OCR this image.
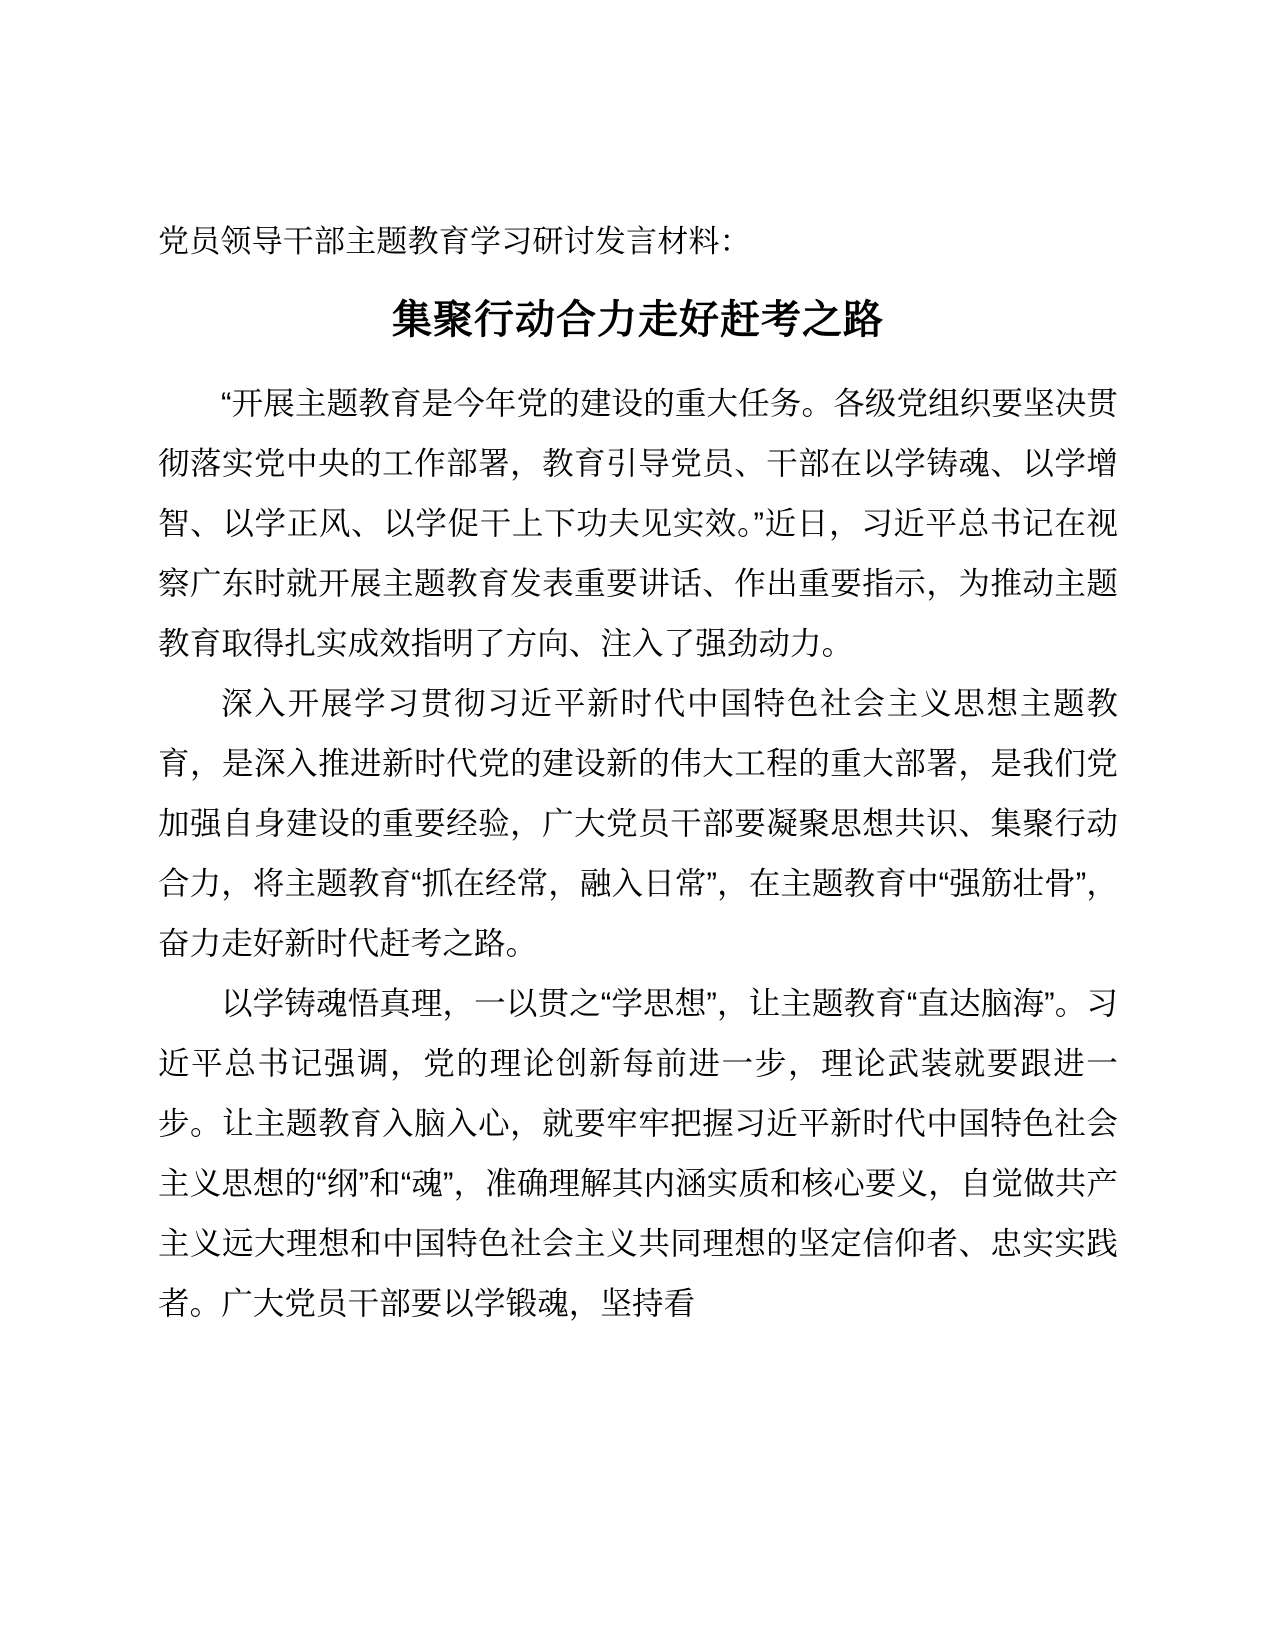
党员领导干部主题教育学习研讨发言材料：
集聚行动合力走好赶考之路

“开展主题教育是今年党的建设的重大任务。各级党组织要坚决贯彻落实党中央的工作部署，教育引导党员、干部在以学铸魂、以学增智、以学正风、以学促干上下功夫见实效。”近日，习近平总书记在视察广东时就开展主题教育发表重要讲话、作出重要指示，为推动主题教育取得扎实成效指明了方向、注入了强劲动力。

深入开展学习贯彻习近平新时代中国特色社会主义思想主题教育，是深入推进新时代党的建设新的伟大工程的重大部署，是我们党加强自身建设的重要经验，广大党员干部要凝聚思想共识、集聚行动合力，将主题教育“抓在经常，融入日常”，在主题教育中“强筋壮骨”，奋力走好新时代赶考之路。

以学铸魂悟真理，一以贯之“学思想”，让主题教育“直达脑海”。习近平总书记强调，党的理论创新每前进一步，理论武装就要跟进一步。让主题教育入脑入心，就要牢牢把握习近平新时代中国特色社会主义思想的“纲”和“魂”，准确理解其内涵实质和核心要义，自觉做共产主义远大理想和中国特色社会主义共同理想的坚定信仰者、忠实实践者。广大党员干部要以学锻魂，坚持看
